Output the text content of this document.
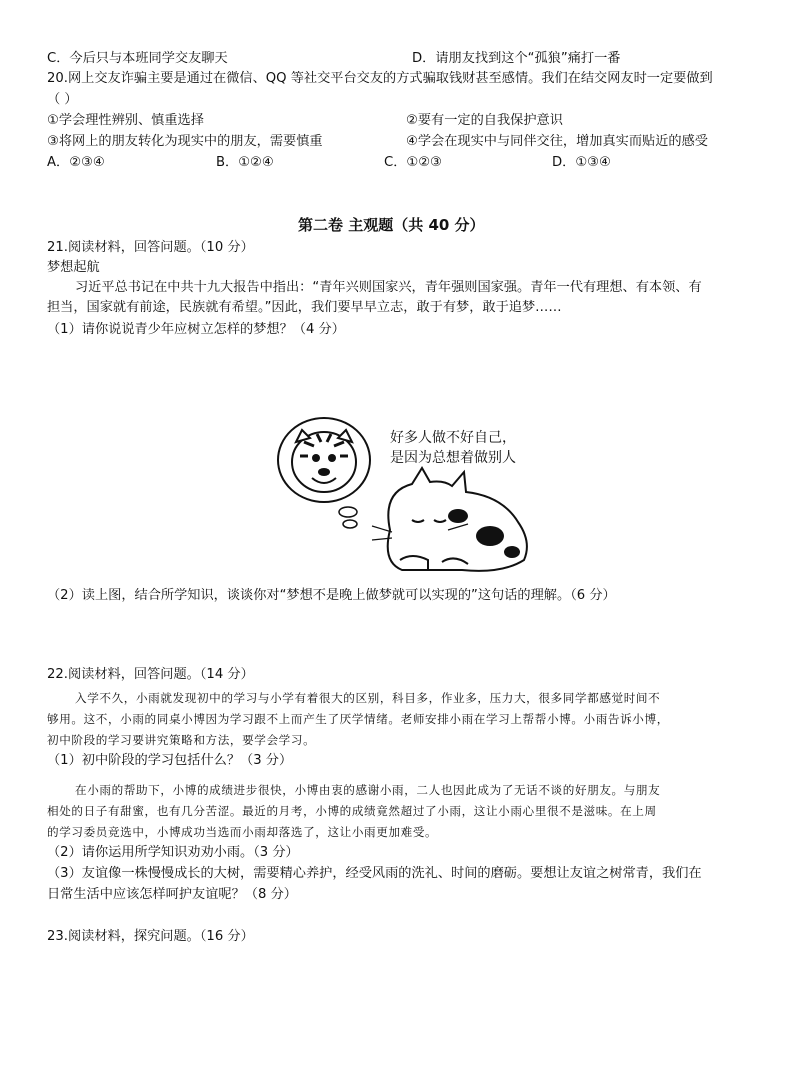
C．今后只与本班同学交友聊天	D．请朋友找到这个“孤狼”痛打一番
20.网上交友诈骗主要是通过在微信、QQ 等社交平台交友的方式骗取钱财甚至感情。我们在结交网友时一定要做到
（ ）
①学会理性辨别、慎重选择	②要有一定的自我保护意识
③将网上的朋友转化为现实中的朋友，需要慎重	④学会在现实中与同伴交往，增加真实而贴近的感受
A．②③④	B．①②④	C．①②③	D．①③④
第二卷 主观题（共 40 分）
21.阅读材料，回答问题。（10 分）
梦想起航
习近平总书记在中共十九大报告中指出：“青年兴则国家兴，青年强则国家强。青年一代有理想、有本领、有
担当，国家就有前途，民族就有希望。”因此，我们要早早立志，敢于有梦，敢于追梦……
（1）请你说说青少年应树立怎样的梦想？（4 分）
好多人做不好自己，
是因为总想着做别人
（2）读上图，结合所学知识，谈谈你对“梦想不是晚上做梦就可以实现的”这句话的理解。（6 分）
22.阅读材料，回答问题。（14 分）
入学不久，小雨就发现初中的学习与小学有着很大的区别，科目多，作业多，压力大，很多同学都感觉时间不
够用。这不，小雨的同桌小博因为学习跟不上而产生了厌学情绪。老师安排小雨在学习上帮帮小博。小雨告诉小博，
初中阶段的学习要讲究策略和方法，要学会学习。
（1）初中阶段的学习包括什么？（3 分）
在小雨的帮助下，小博的成绩进步很快，小博由衷的感谢小雨，二人也因此成为了无话不谈的好朋友。与朋友
相处的日子有甜蜜，也有几分苦涩。最近的月考，小博的成绩竟然超过了小雨，这让小雨心里很不是滋味。在上周
的学习委员竞选中，小博成功当选而小雨却落选了，这让小雨更加难受。
（2）请你运用所学知识劝劝小雨。（3 分）
（3）友谊像一株慢慢成长的大树，需要精心养护，经受风雨的洗礼、时间的磨砺。要想让友谊之树常青，我们在
日常生活中应该怎样呵护友谊呢？（8 分）
23.阅读材料，探究问题。（16 分）
